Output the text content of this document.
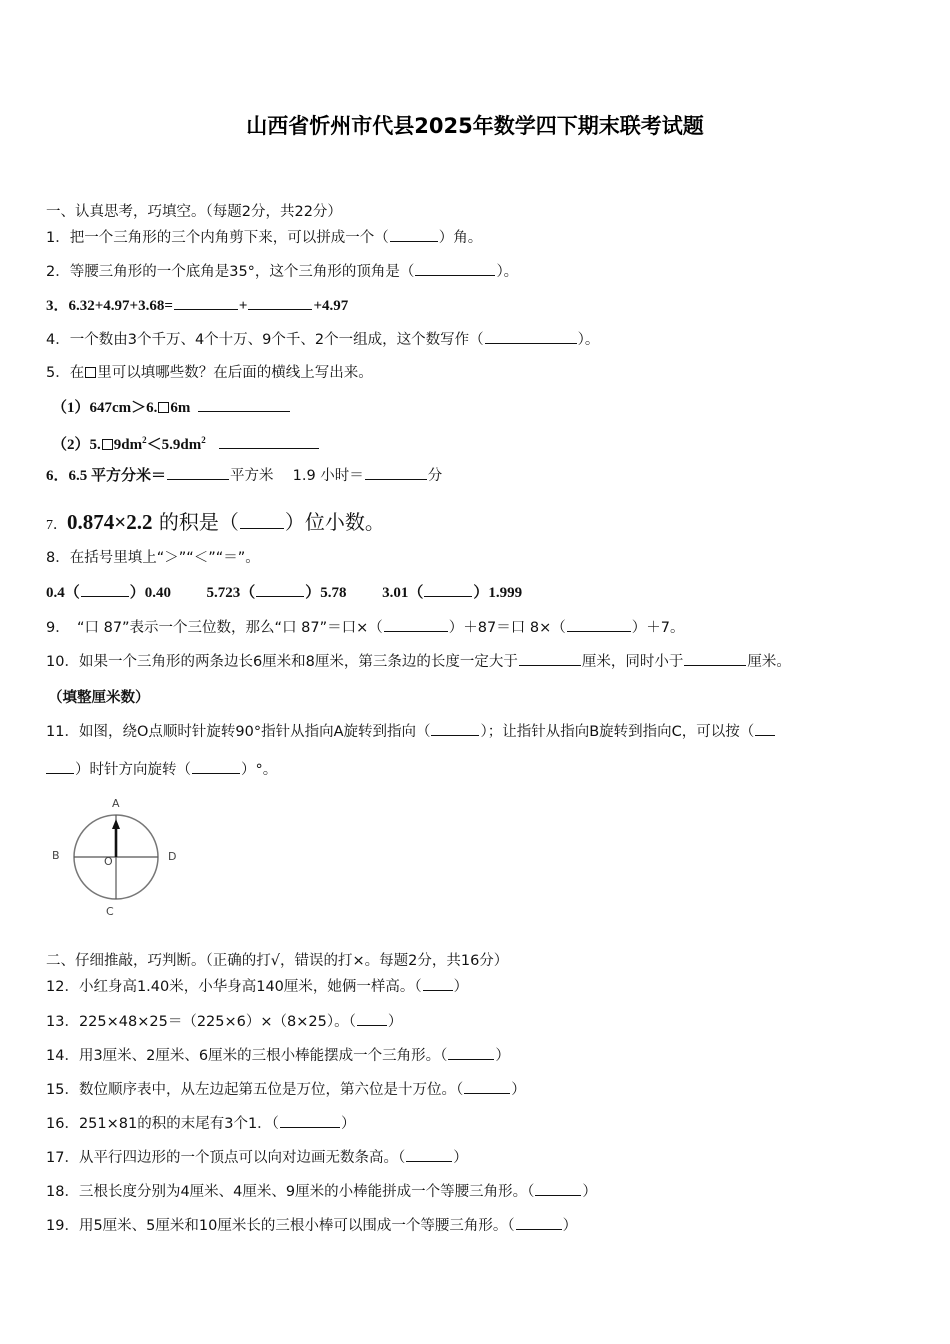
山西省忻州市代县2025年数学四下期末联考试题
一、认真思考，巧填空。（每题2分，共22分）
1．把一个三角形的三个内角剪下来，可以拼成一个（	）角。
2．等腰三角形的一个底角是35°，这个三角形的顶角是（	）。
3．6.32+4.97+3.68=	+	+4.97
4．一个数由3个千万、4个十万、9个千、2个一组成，这个数写作（	）。
5．在 里可以填哪些数？在后面的横线上写出来。
（1）647cm＞6. 6m
（2）5. $9dm^2<5.9dm^2$
6．6.5 平方分米＝	平方米　 1.9 小时＝	分
7．0.874×2.2 的积是（ ）位小数。
8．在括号里填上“＞”“＜”“＝”。
0.4（	）0.40 5.723（	）5.78 3.01（	）1.999
9．　“口 87”表示一个三位数，那么“口 87”＝口×（	）＋87＝口 8×（	）＋7。
10．如果一个三角形的两条边长6厘米和8厘米，第三条边的长度一定大于	厘米，同时小于	厘米。
（填整厘米数）
11．如图，绕O点顺时针旋转90°指针从指向A旋转到指向（	）；让指针从指向B旋转到指向C，可以按（
）时针方向旋转（	）°。
A
B	D
O
C
二、仔细推敲，巧判断。（正确的打√，错误的打×。每题2分，共16分）
12．小红身高1.40米，小华身高140厘米，她俩一样高。（ ）
13．225×48×25＝（225×6）×（8×25）。（ ）
14．用3厘米、2厘米、6厘米的三根小棒能摆成一个三角形。（	）
15．数位顺序表中，从左边起第五位是万位，第六位是十万位。（	）
16．251×81的积的末尾有3个1．（	）
17．从平行四边形的一个顶点可以向对边画无数条高。（	）
18．三根长度分别为4厘米、4厘米、9厘米的小棒能拼成一个等腰三角形。（	）
19．用5厘米、5厘米和10厘米长的三根小棒可以围成一个等腰三角形。（	）
